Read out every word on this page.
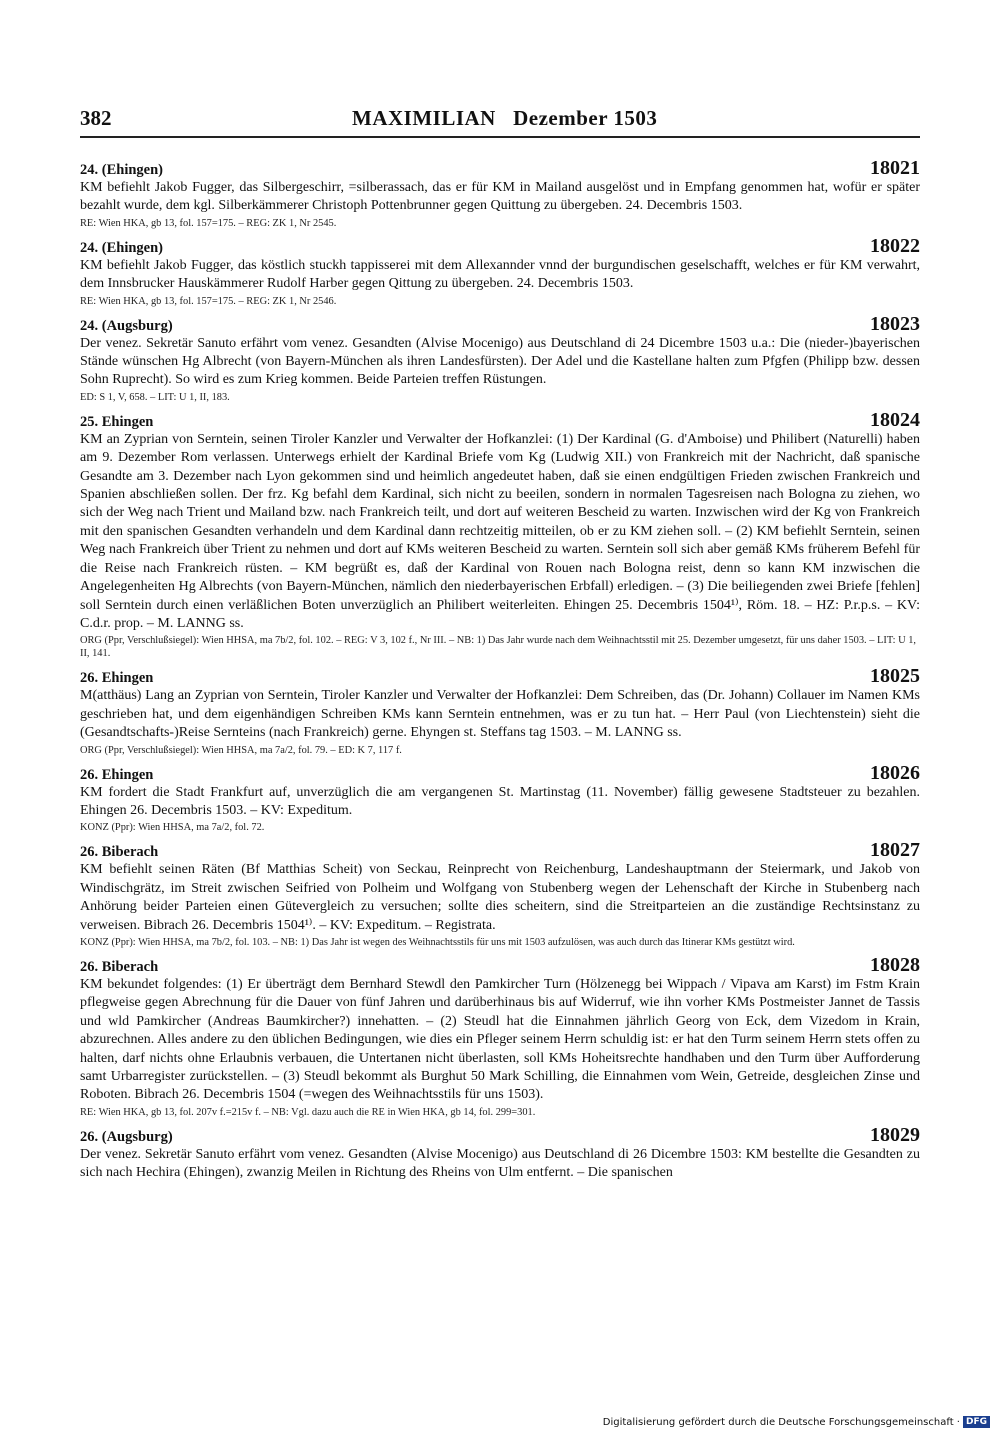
382	MAXIMILIAN   Dezember 1503
24. (Ehingen)	18021

KM befiehlt Jakob Fugger, das Silbergeschirr, =silberassach, das er für KM in Mailand ausgelöst und in Empfang genommen hat, wofür er später bezahlt wurde, dem kgl. Silberkämmerer Christoph Pottenbrunner gegen Quittung zu übergeben. 24. Decembris 1503.

RE: Wien HKA, gb 13, fol. 157=175. – REG: ZK 1, Nr 2545.
24. (Ehingen)	18022

KM befiehlt Jakob Fugger, das köstlich stuckh tappisserei mit dem Allexannder vnnd der burgundischen geselschafft, welches er für KM verwahrt, dem Innsbrucker Hauskämmerer Rudolf Harber gegen Qittung zu übergeben. 24. Decembris 1503.

RE: Wien HKA, gb 13, fol. 157=175. – REG: ZK 1, Nr 2546.
24. (Augsburg)	18023

Der venez. Sekretär Sanuto erfährt vom venez. Gesandten (Alvise Mocenigo) aus Deutschland di 24 Dicembre 1503 u.a.: Die (nieder-)bayerischen Stände wünschen Hg Albrecht (von Bayern-München als ihren Landesfürsten). Der Adel und die Kastellane halten zum Pfgfen (Philipp bzw. dessen Sohn Ruprecht). So wird es zum Krieg kommen. Beide Parteien treffen Rüstungen.

ED: S 1, V, 658. – LIT: U 1, II, 183.
25. Ehingen	18024

KM an Zyprian von Serntein, seinen Tiroler Kanzler und Verwalter der Hofkanzlei: (1) Der Kardinal (G. d'Amboise) und Philibert (Naturelli) haben am 9. Dezember Rom verlassen. Unterwegs erhielt der Kardinal Briefe vom Kg (Ludwig XII.) von Frankreich mit der Nachricht, daß spanische Gesandte am 3. Dezember nach Lyon gekommen sind und heimlich angedeutet haben, daß sie einen endgültigen Frieden zwischen Frankreich und Spanien abschließen sollen. Der frz. Kg befahl dem Kardinal, sich nicht zu beeilen, sondern in normalen Tagesreisen nach Bologna zu ziehen, wo sich der Weg nach Trient und Mailand bzw. nach Frankreich teilt, und dort auf weiteren Bescheid zu warten. Inzwischen wird der Kg von Frankreich mit den spanischen Gesandten verhandeln und dem Kardinal dann rechtzeitig mitteilen, ob er zu KM ziehen soll. – (2) KM befiehlt Serntein, seinen Weg nach Frankreich über Trient zu nehmen und dort auf KMs weiteren Bescheid zu warten. Serntein soll sich aber gemäß KMs früherem Befehl für die Reise nach Frankreich rüsten. – KM begrüßt es, daß der Kardinal von Rouen nach Bologna reist, denn so kann KM inzwischen die Angelegenheiten Hg Albrechts (von Bayern-München, nämlich den niederbayerischen Erbfall) erledigen. – (3) Die beiliegenden zwei Briefe [fehlen] soll Serntein durch einen verläßlichen Boten unverzüglich an Philibert weiterleiten. Ehingen 25. Decembris 1504¹⁾, Röm. 18. – HZ: P.r.p.s. – KV: C.d.r. prop. – M. LANNG ss.

ORG (Ppr, Verschlußsiegel): Wien HHSA, ma 7b/2, fol. 102. – REG: V 3, 102 f., Nr III. – NB: 1) Das Jahr wurde nach dem Weihnachtsstil mit 25. Dezember umgesetzt, für uns daher 1503. – LIT: U 1, II, 141.
26. Ehingen	18025

M(atthäus) Lang an Zyprian von Serntein, Tiroler Kanzler und Verwalter der Hofkanzlei: Dem Schreiben, das (Dr. Johann) Collauer im Namen KMs geschrieben hat, und dem eigenhändigen Schreiben KMs kann Serntein entnehmen, was er zu tun hat. – Herr Paul (von Liechtenstein) sieht die (Gesandtschafts-)Reise Sernteins (nach Frankreich) gerne. Ehyngen st. Steffans tag 1503. – M. LANNG ss.

ORG (Ppr, Verschlußsiegel): Wien HHSA, ma 7a/2, fol. 79. – ED: K 7, 117 f.
26. Ehingen	18026

KM fordert die Stadt Frankfurt auf, unverzüglich die am vergangenen St. Martinstag (11. November) fällig gewesene Stadtsteuer zu bezahlen. Ehingen 26. Decembris 1503. – KV: Expeditum.

KONZ (Ppr): Wien HHSA, ma 7a/2, fol. 72.
26. Biberach	18027

KM befiehlt seinen Räten (Bf Matthias Scheit) von Seckau, Reinprecht von Reichenburg, Landeshauptmann der Steiermark, und Jakob von Windischgrätz, im Streit zwischen Seifried von Polheim und Wolfgang von Stubenberg wegen der Lehenschaft der Kirche in Stubenberg nach Anhörung beider Parteien einen Gütevergleich zu versuchen; sollte dies scheitern, sind die Streitparteien an die zuständige Rechtsinstanz zu verweisen. Bibrach 26. Decembris 1504¹⁾. – KV: Expeditum. – Registrata.

KONZ (Ppr): Wien HHSA, ma 7b/2, fol. 103. – NB: 1) Das Jahr ist wegen des Weihnachtsstils für uns mit 1503 aufzulösen, was auch durch das Itinerar KMs gestützt wird.
26. Biberach	18028

KM bekundet folgendes: (1) Er überträgt dem Bernhard Stewdl den Pamkircher Turn (Hölzenegg bei Wippach / Vipava am Karst) im Fstm Krain pflegweise gegen Abrechnung für die Dauer von fünf Jahren und darüberhinaus bis auf Widerruf, wie ihn vorher KMs Postmeister Jannet de Tassis und wld Pamkircher (Andreas Baumkircher?) innehatten. – (2) Steudl hat die Einnahmen jährlich Georg von Eck, dem Vizedom in Krain, abzurechnen. Alles andere zu den üblichen Bedingungen, wie dies ein Pfleger seinem Herrn schuldig ist: er hat den Turm seinem Herrn stets offen zu halten, darf nichts ohne Erlaubnis verbauen, die Untertanen nicht überlasten, soll KMs Hoheitsrechte handhaben und den Turm über Aufforderung samt Urbarregister zurückstellen. – (3) Steudl bekommt als Burghut 50 Mark Schilling, die Einnahmen vom Wein, Getreide, desgleichen Zinse und Roboten. Bibrach 26. Decembris 1504 (=wegen des Weihnachtsstils für uns 1503).

RE: Wien HKA, gb 13, fol. 207v f.=215v f. – NB: Vgl. dazu auch die RE in Wien HKA, gb 14, fol. 299=301.
26. (Augsburg)	18029

Der venez. Sekretär Sanuto erfährt vom venez. Gesandten (Alvise Mocenigo) aus Deutschland di 26 Dicembre 1503: KM bestellte die Gesandten zu sich nach Hechira (Ehingen), zwanzig Meilen in Richtung des Rheins von Ulm entfernt. – Die spanischen

Digitalisierung gefördert durch die Deutsche Forschungsgemeinschaft · DFG
